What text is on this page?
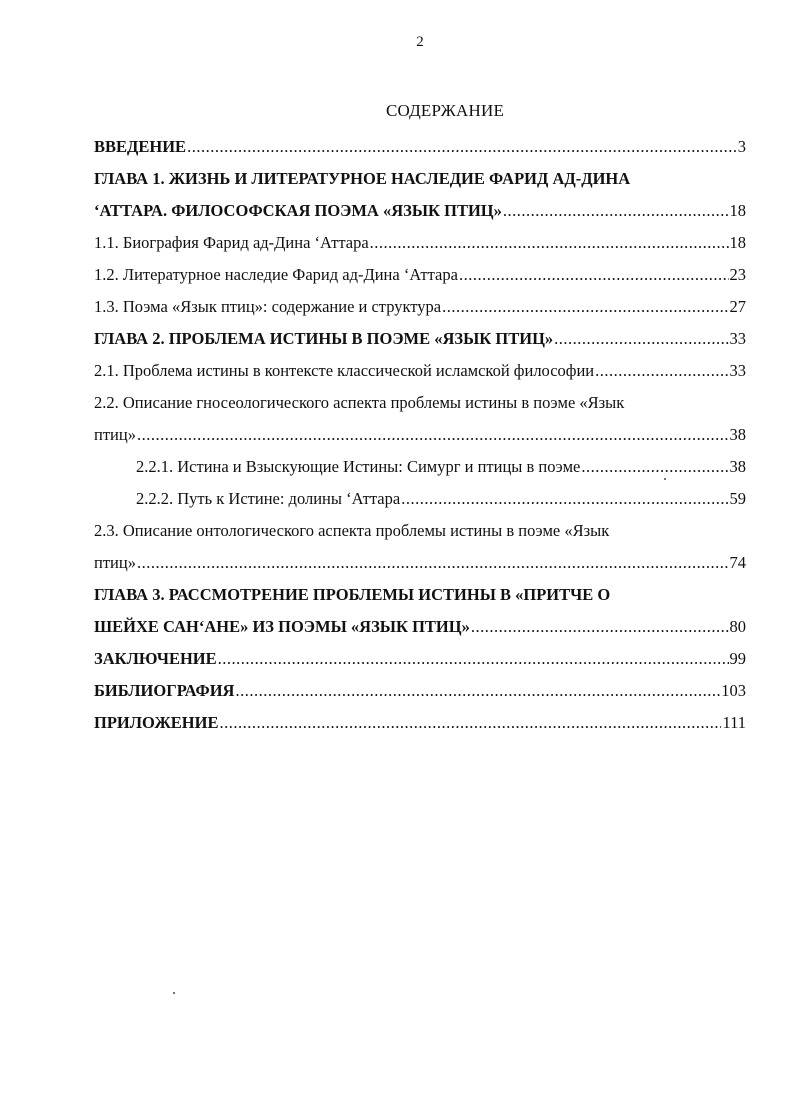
2
СОДЕРЖАНИЕ
ВВЕДЕНИЕ .....	3
ГЛАВА 1. ЖИЗНЬ И ЛИТЕРАТУРНОЕ НАСЛЕДИЕ ФАРИД АД-ДИНА
‘АТТАРА. ФИЛОСОФСКАЯ ПОЭМА «ЯЗЫК ПТИЦ» .....	18
1.1. Биография Фарид ад-Дина ‘Аттара .....	18
1.2. Литературное наследие Фарид ад-Дина ‘Аттара .....	23
1.3. Поэма «Язык птиц»: содержание и структура .....	27
ГЛАВА 2. ПРОБЛЕМА ИСТИНЫ В ПОЭМЕ «ЯЗЫК ПТИЦ» .....	33
2.1. Проблема истины в контексте классической исламской философии .....	33
2.2. Описание гносеологического аспекта проблемы истины в поэме «Язык
птиц» .....	38
2.2.1. Истина и Взыскующие Истины: Симург и птицы в поэме .....	38
2.2.2. Путь к Истине: долины ‘Аттара .....	59
2.3. Описание онтологического аспекта проблемы истины в поэме «Язык
птиц» .....	74
ГЛАВА 3. РАССМОТРЕНИЕ ПРОБЛЕМЫ ИСТИНЫ В «ПРИТЧЕ О
ШЕЙХЕ САН‘АНЕ» ИЗ ПОЭМЫ «ЯЗЫК ПТИЦ» .....	80
ЗАКЛЮЧЕНИЕ .....	99
БИБЛИОГРАФИЯ .....	103
ПРИЛОЖЕНИЕ .....	111
